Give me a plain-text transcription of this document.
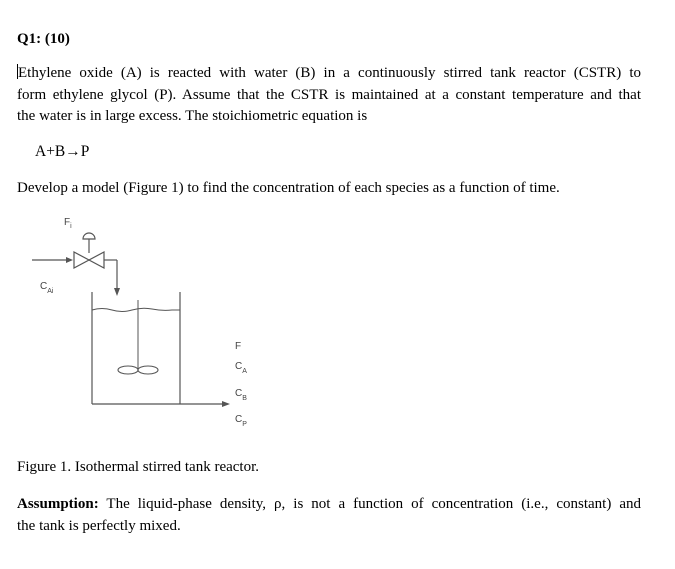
Q1: (10)
Ethylene oxide (A) is reacted with water (B) in a continuously stirred tank reactor (CSTR) to
form ethylene glycol (P). Assume that the CSTR is maintained at a constant temperature and that
the water is in large excess. The stoichiometric equation is
A+B→P
Develop a model (Figure 1) to find the concentration of each species as a function of time.
$F_i$
$C_{Ai}$
F
$C_A$
$C_B$
$C_P$
Figure 1. Isothermal stirred tank reactor.
Assumption: The liquid-phase density, ρ, is not a function of concentration (i.e., constant) and
the tank is perfectly mixed.
